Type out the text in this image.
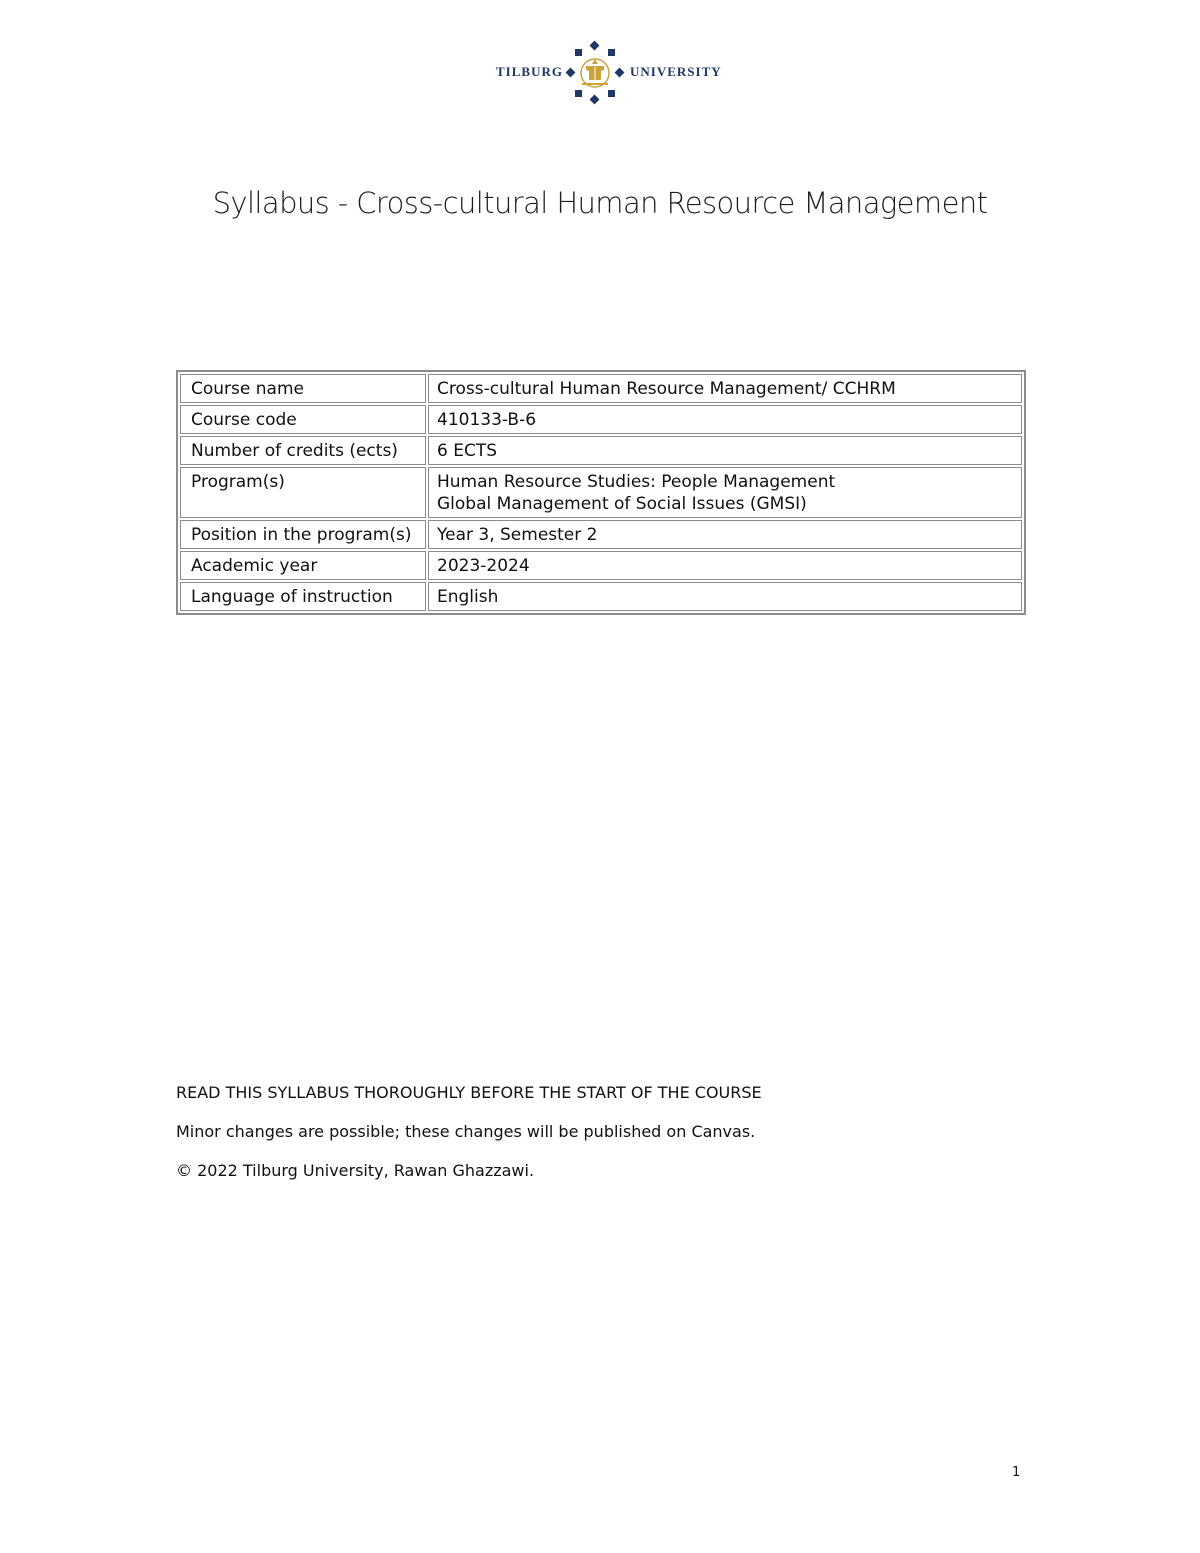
TILBURG	UNIVERSITY
Syllabus - Cross-cultural Human Resource Management
Course name	Cross-cultural Human Resource Management/ CCHRM

Course code	410133-B-6

Number of credits (ects)	6 ECTS

Program(s)	Human Resource Studies: People Management
Global Management of Social Issues (GMSI)

Position in the program(s)	Year 3, Semester 2

Academic year	2023-2024

Language of instruction	English

READ THIS SYLLABUS THOROUGHLY BEFORE THE START OF THE COURSE

Minor changes are possible; these changes will be published on Canvas.

© 2022 Tilburg University, Rawan Ghazzawi.

1
